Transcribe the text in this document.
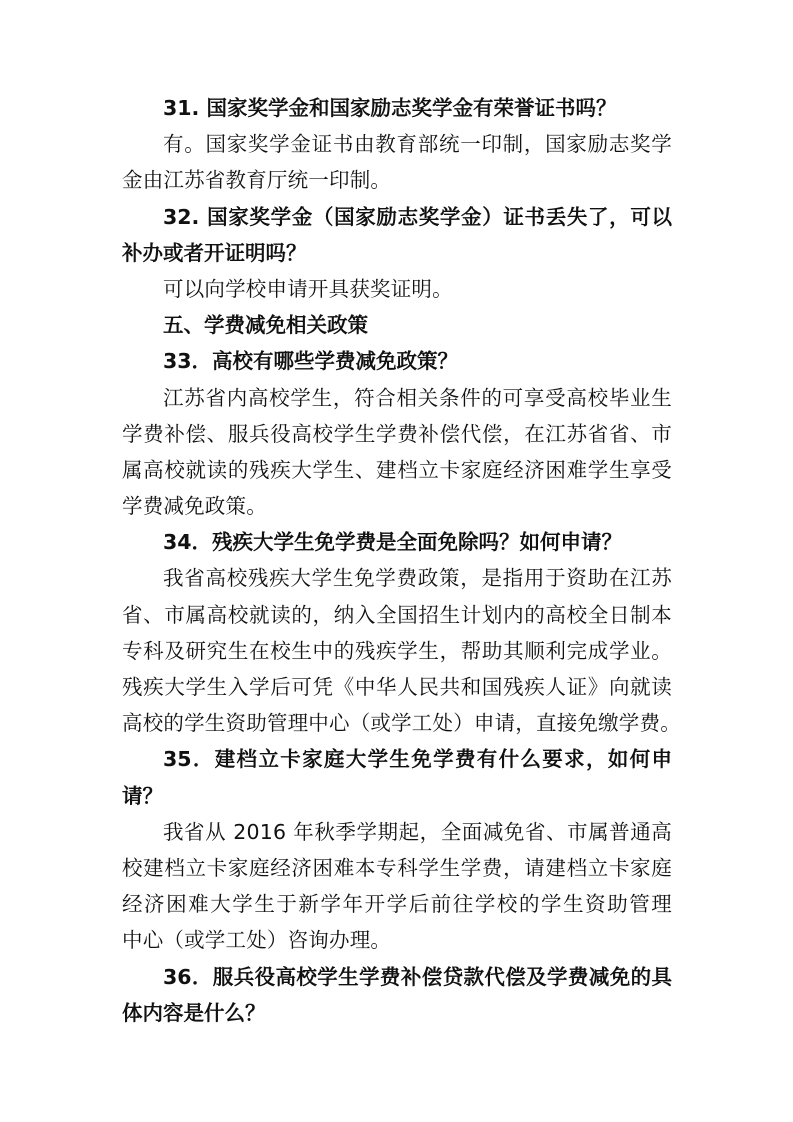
31. 国家奖学金和国家励志奖学金有荣誉证书吗？
有。国家奖学金证书由教育部统一印制，国家励志奖学
金由江苏省教育厅统一印制。
32. 国家奖学金（国家励志奖学金）证书丢失了，可以
补办或者开证明吗？
可以向学校申请开具获奖证明。
五、学费减免相关政策
33．高校有哪些学费减免政策？
江苏省内高校学生，符合相关条件的可享受高校毕业生
学费补偿、服兵役高校学生学费补偿代偿，在江苏省省、市
属高校就读的残疾大学生、建档立卡家庭经济困难学生享受
学费减免政策。
34．残疾大学生免学费是全面免除吗？如何申请？
我省高校残疾大学生免学费政策，是指用于资助在江苏
省、市属高校就读的，纳入全国招生计划内的高校全日制本
专科及研究生在校生中的残疾学生，帮助其顺利完成学业。
残疾大学生入学后可凭《中华人民共和国残疾人证》向就读
高校的学生资助管理中心（或学工处）申请，直接免缴学费。
35．建档立卡家庭大学生免学费有什么要求，如何申
请？
我省从 2016 年秋季学期起，全面减免省、市属普通高
校建档立卡家庭经济困难本专科学生学费，请建档立卡家庭
经济困难大学生于新学年开学后前往学校的学生资助管理
中心（或学工处）咨询办理。
36．服兵役高校学生学费补偿贷款代偿及学费减免的具
体内容是什么？
